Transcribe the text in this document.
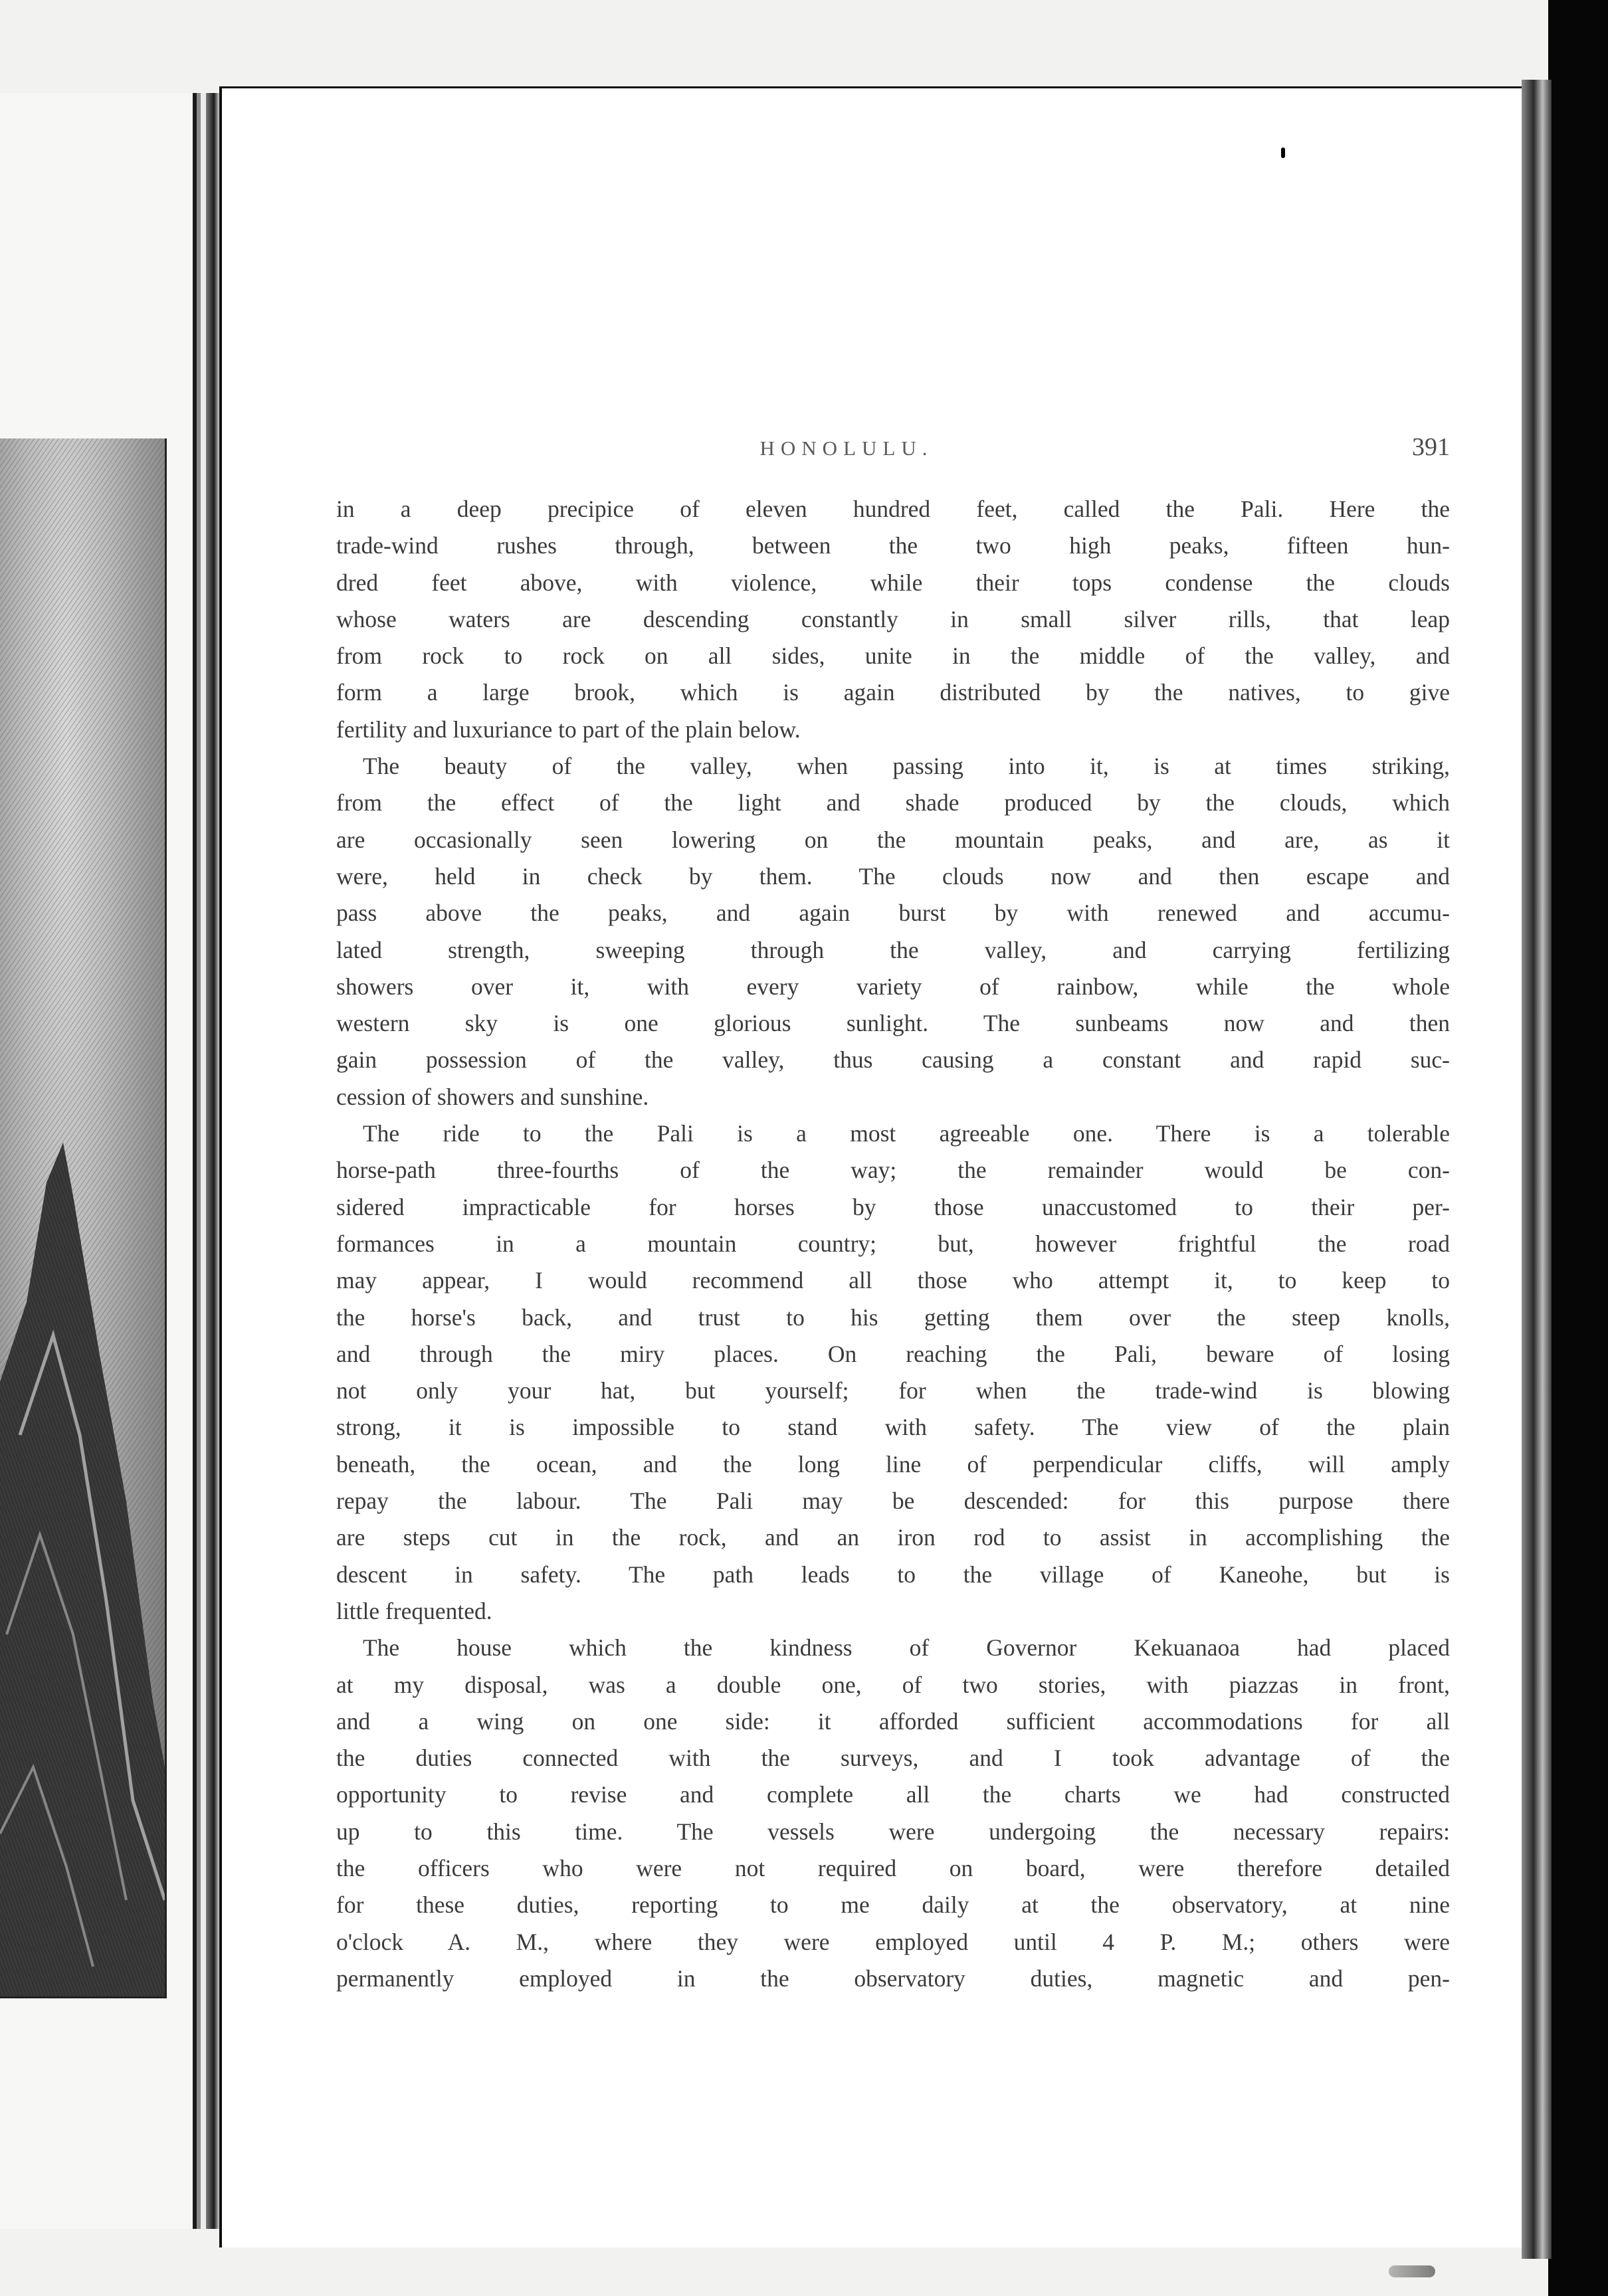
HONOLULU.	391

in a deep precipice of eleven hundred feet, called the Pali. Here the

trade-wind rushes through, between the two high peaks, fifteen hun-

dred feet above, with violence, while their tops condense the clouds

whose waters are descending constantly in small silver rills, that leap

from rock to rock on all sides, unite in the middle of the valley, and

form a large brook, which is again distributed by the natives, to give

fertility and luxuriance to part of the plain below.

The beauty of the valley, when passing into it, is at times striking,

from the effect of the light and shade produced by the clouds, which

are occasionally seen lowering on the mountain peaks, and are, as it

were, held in check by them. The clouds now and then escape and

pass above the peaks, and again burst by with renewed and accumu-

lated strength, sweeping through the valley, and carrying fertilizing

showers over it, with every variety of rainbow, while the whole

western sky is one glorious sunlight. The sunbeams now and then

gain possession of the valley, thus causing a constant and rapid suc-

cession of showers and sunshine.

The ride to the Pali is a most agreeable one. There is a tolerable

horse-path three-fourths of the way; the remainder would be con-

sidered impracticable for horses by those unaccustomed to their per-

formances in a mountain country; but, however frightful the road

may appear, I would recommend all those who attempt it, to keep to

the horse's back, and trust to his getting them over the steep knolls,

and through the miry places. On reaching the Pali, beware of losing

not only your hat, but yourself; for when the trade-wind is blowing

strong, it is impossible to stand with safety. The view of the plain

beneath, the ocean, and the long line of perpendicular cliffs, will amply

repay the labour. The Pali may be descended: for this purpose there

are steps cut in the rock, and an iron rod to assist in accomplishing the

descent in safety. The path leads to the village of Kaneohe, but is

little frequented.

The house which the kindness of Governor Kekuanaoa had placed

at my disposal, was a double one, of two stories, with piazzas in front,

and a wing on one side: it afforded sufficient accommodations for all

the duties connected with the surveys, and I took advantage of the

opportunity to revise and complete all the charts we had constructed

up to this time. The vessels were undergoing the necessary repairs:

the officers who were not required on board, were therefore detailed

for these duties, reporting to me daily at the observatory, at nine

o'clock A. M., where they were employed until 4 P. M.; others were

permanently employed in the observatory duties, magnetic and pen-
